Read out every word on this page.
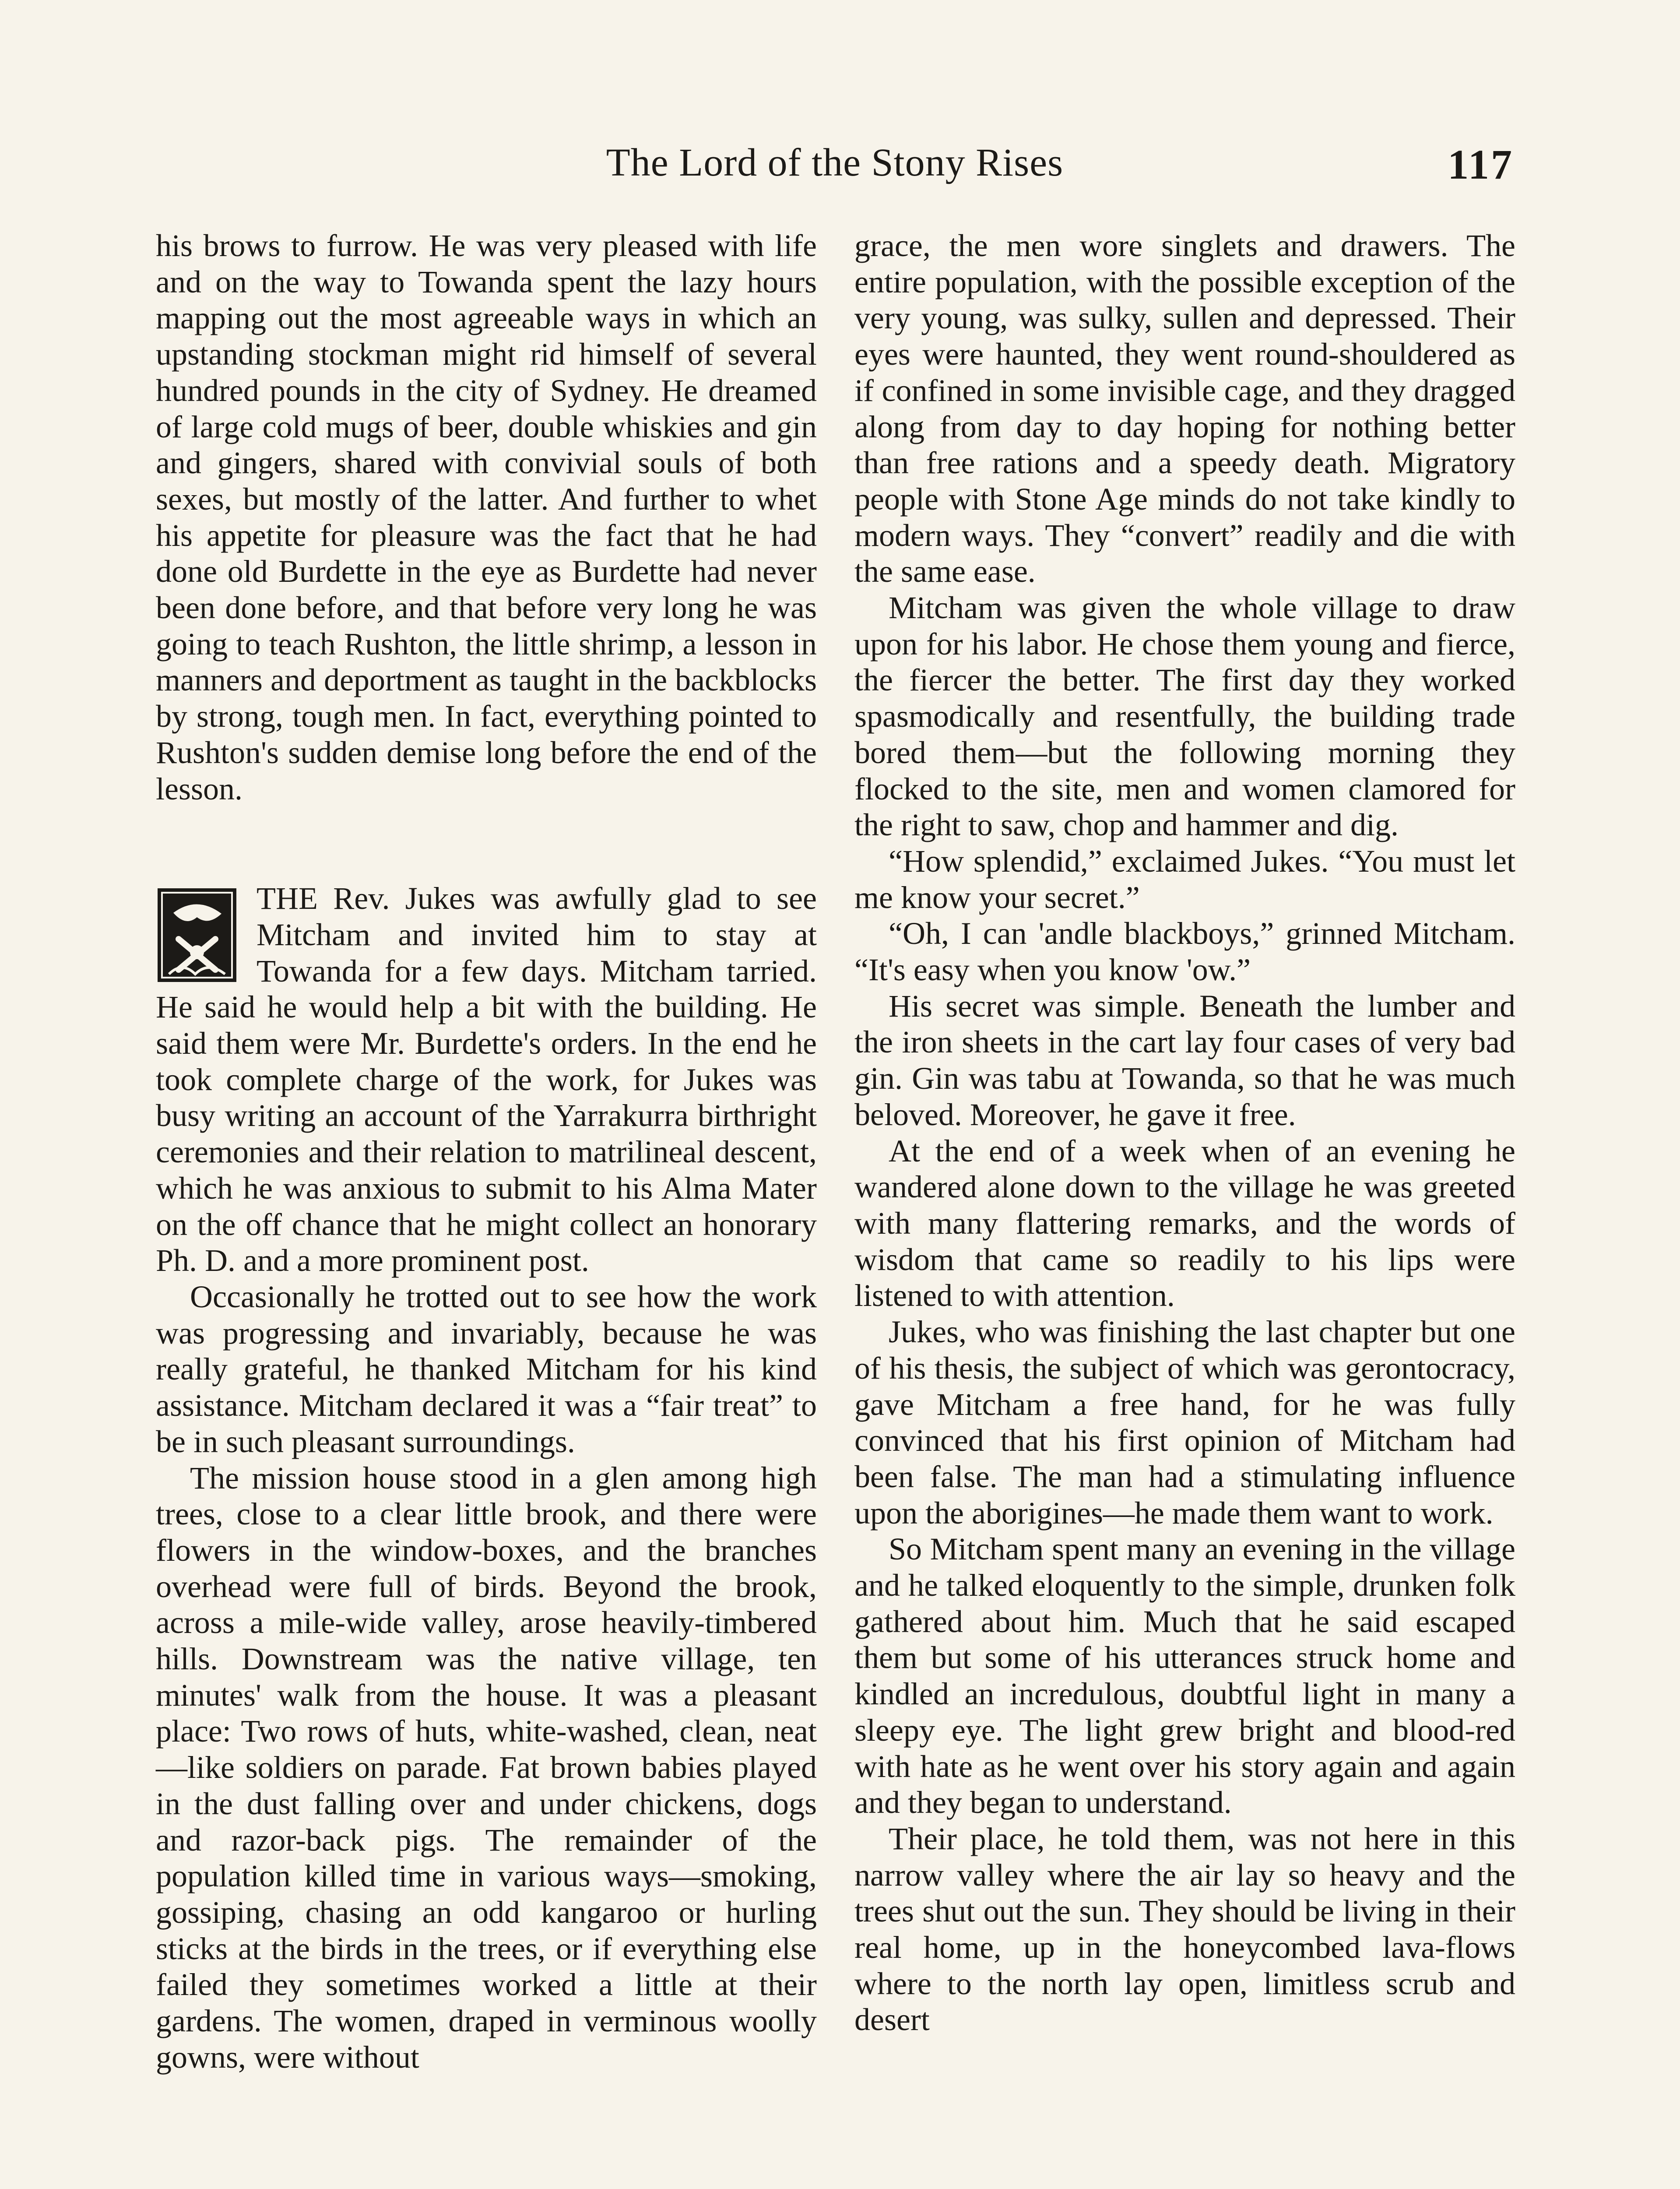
The Lord of the Stony Rises	117

his brows to furrow. He was very pleased with life and on the way to Towanda spent the lazy hours mapping out the most agreeable ways in which an upstanding stockman might rid himself of several hundred pounds in the city of Sydney. He dreamed of large cold mugs of beer, double whiskies and gin and gingers, shared with convivial souls of both sexes, but mostly of the latter. And further to whet his appetite for pleasure was the fact that he had done old Burdette in the eye as Burdette had never been done before, and that before very long he was going to teach Rushton, the little shrimp, a lesson in manners and deportment as taught in the backblocks by strong, tough men. In fact, everything pointed to Rushton's sudden demise long before the end of the lesson.

THE Rev. Jukes was awfully glad to see Mitcham and invited him to stay at Towanda for a few days. Mitcham tarried. He said he would help a bit with the building. He said them were Mr. Burdette's orders. In the end he took complete charge of the work, for Jukes was busy writing an account of the Yarrakurra birthright ceremonies and their relation to matrilineal descent, which he was anxious to submit to his Alma Mater on the off chance that he might collect an honorary Ph. D. and a more prominent post.

Occasionally he trotted out to see how the work was progressing and invariably, because he was really grateful, he thanked Mitcham for his kind assistance. Mitcham declared it was a “fair treat” to be in such pleasant surroundings.

The mission house stood in a glen among high trees, close to a clear little brook, and there were flowers in the window-boxes, and the branches overhead were full of birds. Beyond the brook, across a mile-wide valley, arose heavily-timbered hills. Downstream was the native village, ten minutes' walk from the house. It was a pleasant place: Two rows of huts, white-washed, clean, neat—like soldiers on parade. Fat brown babies played in the dust falling over and under chickens, dogs and razor-back pigs. The remainder of the population killed time in various ways—smoking, gossiping, chasing an odd kangaroo or hurling sticks at the birds in the trees, or if everything else failed they sometimes worked a little at their gardens. The women, draped in verminous woolly gowns, were without

grace, the men wore singlets and drawers. The entire population, with the possible exception of the very young, was sulky, sullen and depressed. Their eyes were haunted, they went round-shouldered as if confined in some invisible cage, and they dragged along from day to day hoping for nothing better than free rations and a speedy death. Migratory people with Stone Age minds do not take kindly to modern ways. They “convert” readily and die with the same ease.

Mitcham was given the whole village to draw upon for his labor. He chose them young and fierce, the fiercer the better. The first day they worked spasmodically and resentfully, the building trade bored them—but the following morning they flocked to the site, men and women clamored for the right to saw, chop and hammer and dig.

“How splendid,” exclaimed Jukes. “You must let me know your secret.”

“Oh, I can 'andle blackboys,” grinned Mitcham. “It's easy when you know 'ow.”

His secret was simple. Beneath the lumber and the iron sheets in the cart lay four cases of very bad gin. Gin was tabu at Towanda, so that he was much beloved. Moreover, he gave it free.

At the end of a week when of an evening he wandered alone down to the village he was greeted with many flattering remarks, and the words of wisdom that came so readily to his lips were listened to with attention.

Jukes, who was finishing the last chapter but one of his thesis, the subject of which was gerontocracy, gave Mitcham a free hand, for he was fully convinced that his first opinion of Mitcham had been false. The man had a stimulating influence upon the aborigines—he made them want to work.

So Mitcham spent many an evening in the village and he talked eloquently to the simple, drunken folk gathered about him. Much that he said escaped them but some of his utterances struck home and kindled an incredulous, doubtful light in many a sleepy eye. The light grew bright and blood-red with hate as he went over his story again and again and they began to understand.

Their place, he told them, was not here in this narrow valley where the air lay so heavy and the trees shut out the sun. They should be living in their real home, up in the honeycombed lava-flows where to the north lay open, limitless scrub and desert
